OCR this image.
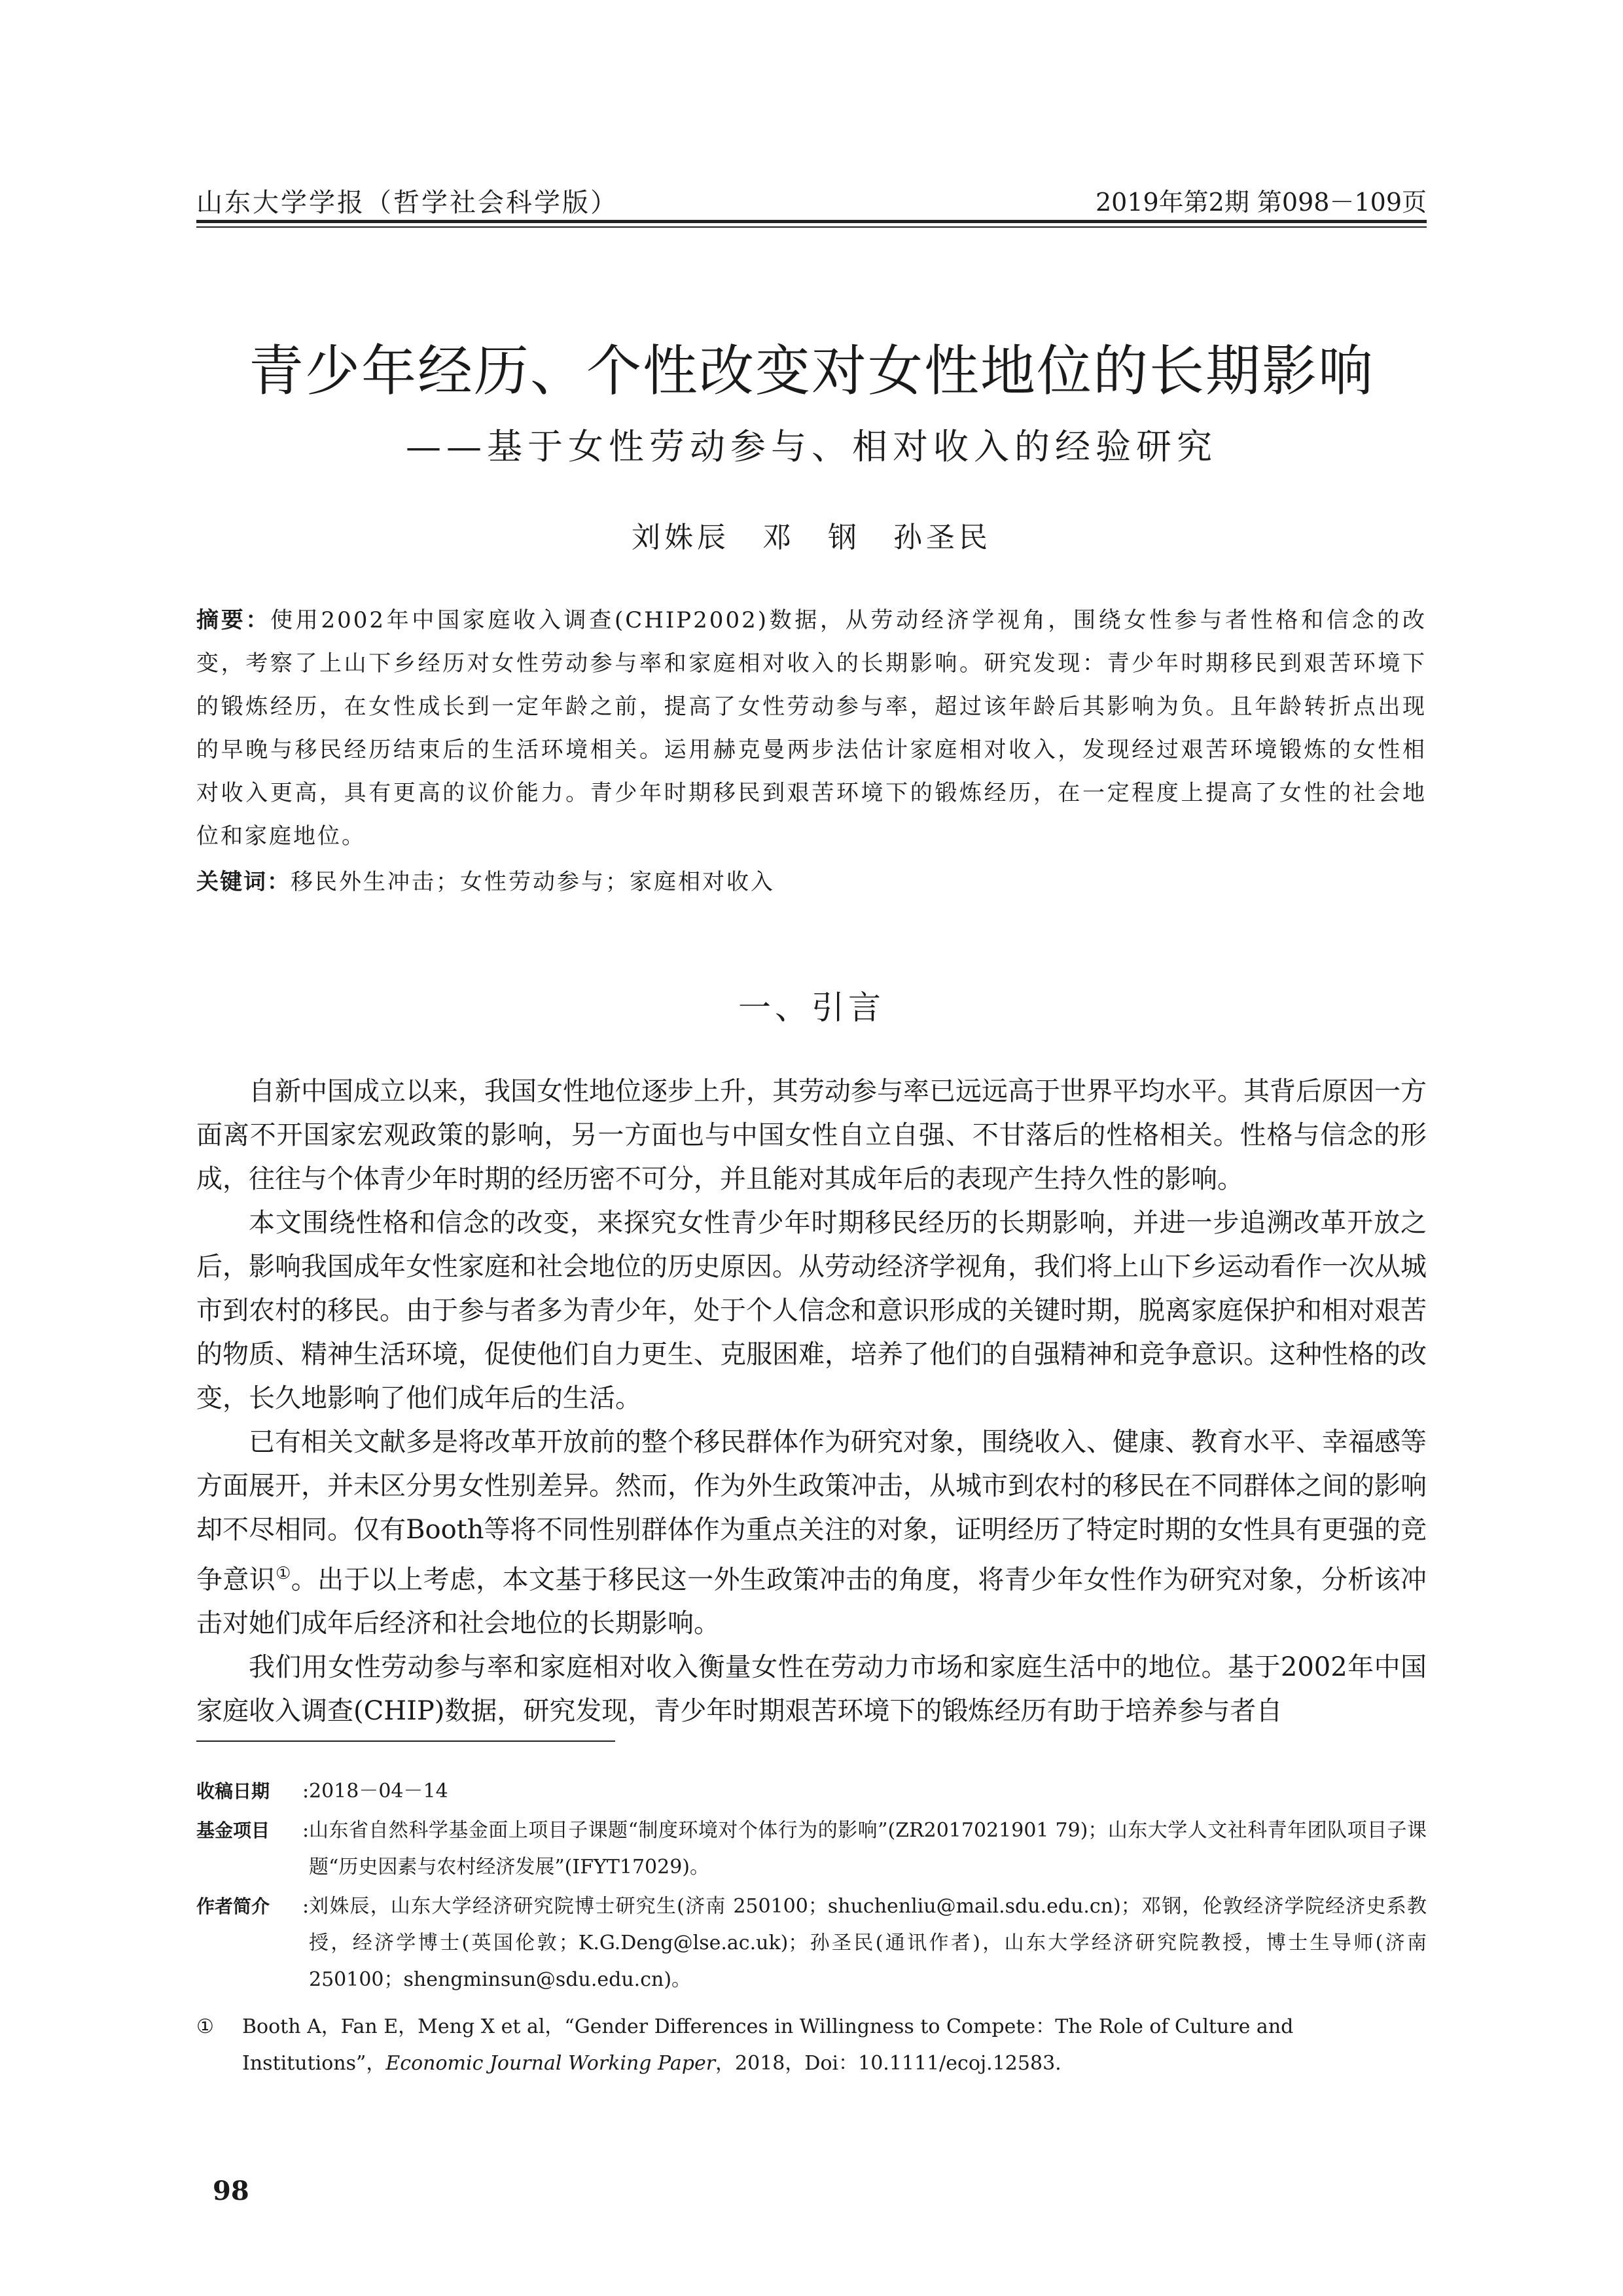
山东大学学报（哲学社会科学版）	2019年第2期 第098－109页
青少年经历、个性改变对女性地位的长期影响
——基于女性劳动参与、相对收入的经验研究
刘姝辰　邓　钢　孙圣民
摘要：使用2002年中国家庭收入调查(CHIP2002)数据，从劳动经济学视角，围绕女性参与者性格和信念的改变，考察了上山下乡经历对女性劳动参与率和家庭相对收入的长期影响。研究发现：青少年时期移民到艰苦环境下的锻炼经历，在女性成长到一定年龄之前，提高了女性劳动参与率，超过该年龄后其影响为负。且年龄转折点出现的早晚与移民经历结束后的生活环境相关。运用赫克曼两步法估计家庭相对收入，发现经过艰苦环境锻炼的女性相对收入更高，具有更高的议价能力。青少年时期移民到艰苦环境下的锻炼经历，在一定程度上提高了女性的社会地位和家庭地位。
关键词：移民外生冲击；女性劳动参与；家庭相对收入
一、引言

自新中国成立以来，我国女性地位逐步上升，其劳动参与率已远远高于世界平均水平。其背后原因一方面离不开国家宏观政策的影响，另一方面也与中国女性自立自强、不甘落后的性格相关。性格与信念的形成，往往与个体青少年时期的经历密不可分，并且能对其成年后的表现产生持久性的影响。

本文围绕性格和信念的改变，来探究女性青少年时期移民经历的长期影响，并进一步追溯改革开放之后，影响我国成年女性家庭和社会地位的历史原因。从劳动经济学视角，我们将上山下乡运动看作一次从城市到农村的移民。由于参与者多为青少年，处于个人信念和意识形成的关键时期，脱离家庭保护和相对艰苦的物质、精神生活环境，促使他们自力更生、克服困难，培养了他们的自强精神和竞争意识。这种性格的改变，长久地影响了他们成年后的生活。

已有相关文献多是将改革开放前的整个移民群体作为研究对象，围绕收入、健康、教育水平、幸福感等方面展开，并未区分男女性别差异。然而，作为外生政策冲击，从城市到农村的移民在不同群体之间的影响却不尽相同。仅有Booth等将不同性别群体作为重点关注的对象，证明经历了特定时期的女性具有更强的竞争意识①。出于以上考虑，本文基于移民这一外生政策冲击的角度，将青少年女性作为研究对象，分析该冲击对她们成年后经济和社会地位的长期影响。

我们用女性劳动参与率和家庭相对收入衡量女性在劳动力市场和家庭生活中的地位。基于2002年中国家庭收入调查(CHIP)数据，研究发现，青少年时期艰苦环境下的锻炼经历有助于培养参与者自

收稿日期	: 2018－04－14
基金项目	: 山东省自然科学基金面上项目子课题“制度环境对个体行为的影响”(ZR2017021901 79)；山东大学人文社科青年团队项目子课题“历史因素与农村经济发展”(IFYT17029)。
作者简介	: 刘姝辰，山东大学经济研究院博士研究生(济南 250100；shuchenliu@mail.sdu.edu.cn)；邓钢，伦敦经济学院经济史系教授，经济学博士(英国伦敦；K.G.Deng@lse.ac.uk)；孙圣民(通讯作者)，山东大学经济研究院教授，博士生导师(济南 250100；shengminsun@sdu.edu.cn)。
①	Booth A，Fan E，Meng X et al，“Gender Differences in Willingness to Compete：The Role of Culture and Institutions”，Economic Journal Working Paper，2018，Doi：10.1111/ecoj.12583.
98
